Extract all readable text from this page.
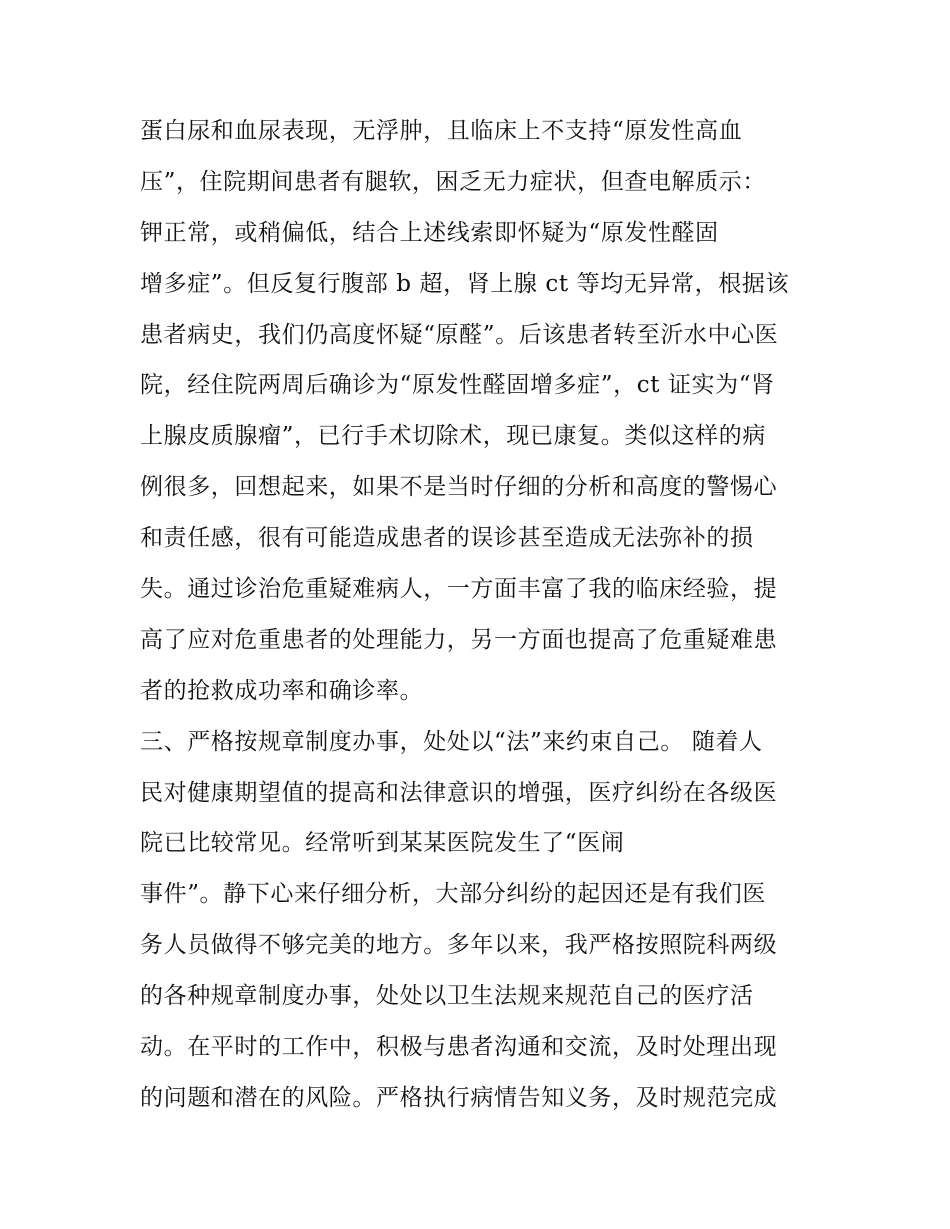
蛋白尿和血尿表现，无浮肿，且临床上不支持“原发性高血
压”，住院期间患者有腿软，困乏无力症状，但查电解质示：
钾正常，或稍偏低，结合上述线索即怀疑为“原发性醛固
增多症”。但反复行腹部 b 超，肾上腺 ct 等均无异常，根据该
患者病史，我们仍高度怀疑“原醛”。后该患者转至沂水中心医
院，经住院两周后确诊为“原发性醛固增多症”，ct 证实为“肾
上腺皮质腺瘤”，已行手术切除术，现已康复。类似这样的病
例很多，回想起来，如果不是当时仔细的分析和高度的警惕心
和责任感，很有可能造成患者的误诊甚至造成无法弥补的损
失。通过诊治危重疑难病人，一方面丰富了我的临床经验，提
高了应对危重患者的处理能力，另一方面也提高了危重疑难患
者的抢救成功率和确诊率。
三、严格按规章制度办事，处处以“法”来约束自己。 随着人
民对健康期望值的提高和法律意识的增强，医疗纠纷在各级医
院已比较常见。经常听到某某医院发生了“医闹
事件”。静下心来仔细分析，大部分纠纷的起因还是有我们医
务人员做得不够完美的地方。多年以来，我严格按照院科两级
的各种规章制度办事，处处以卫生法规来规范自己的医疗活
动。在平时的工作中，积极与患者沟通和交流，及时处理出现
的问题和潜在的风险。严格执行病情告知义务，及时规范完成
